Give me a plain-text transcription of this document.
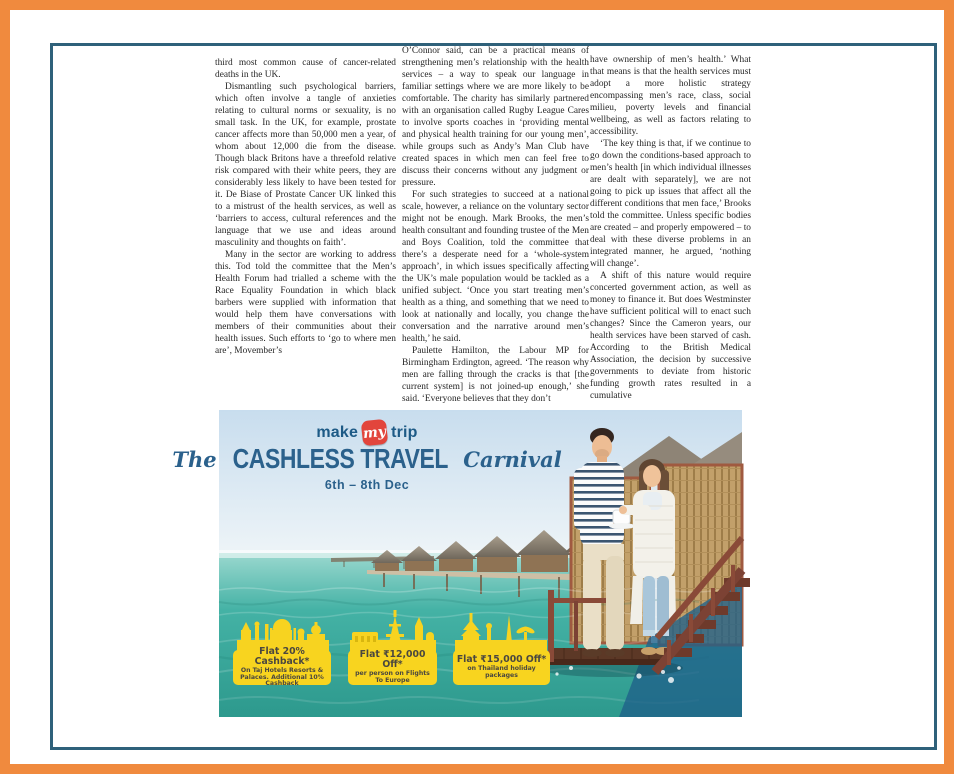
third most common cause of cancer-related deaths in the UK.

Dismantling such psychological barriers, which often involve a tangle of anxieties relating to cultural norms or sexuality, is no small task. In the UK, for example, prostate cancer affects more than 50,000 men a year, of whom about 12,000 die from the disease. Though black Britons have a threefold relative risk compared with their white peers, they are considerably less likely to have been tested for it. De Biase of Prostate Cancer UK linked this to a mistrust of the health services, as well as ‘barriers to access, cultural references and the language that we use and ideas around masculinity and thoughts on faith’.

Many in the sector are working to address this. Tod told the committee that the Men’s Health Forum had trialled a scheme with the Race Equality Foundation in which black barbers were supplied with information that would help them have conversations with members of their communities about their health issues. Such efforts to ‘go to where men are’, Movember’s

O’Connor said, can be a practical means of strengthening men’s relationship with the health services – a way to speak our language in familiar settings where we are more likely to be comfortable. The charity has similarly partnered with an organisation called Rugby League Cares to involve sports coaches in ‘providing mental and physical health training for our young men’, while groups such as Andy’s Man Club have created spaces in which men can feel free to discuss their concerns without any judgment or pressure.

For such strategies to succeed at a national scale, however, a reliance on the voluntary sector might not be enough. Mark Brooks, the men’s health consultant and founding trustee of the Men and Boys Coalition, told the committee that there’s a desperate need for a ‘whole-system approach’, in which issues specifically affecting the UK’s male population would be tackled as a unified subject. ‘Once you start treating men’s health as a thing, and something that we need to look at nationally and locally, you change the conversation and the narrative around men’s health,’ he said.

Paulette Hamilton, the Labour MP for Birmingham Erdington, agreed. ‘The reason why men are falling through the cracks is that [the current system] is not joined-up enough,’ she said. ‘Everyone believes that they don’t

have ownership of men’s health.’ What that means is that the health services must adopt a more holistic strategy encompassing men’s race, class, social milieu, poverty levels and financial wellbeing, as well as factors relating to accessibility.

‘The key thing is that, if we continue to go down the conditions-based approach to men’s health [in which individual illnesses are dealt with separately], we are not going to pick up issues that affect all the different conditions that men face,’ Brooks told the committee. Unless specific bodies are created – and properly empowered – to deal with these diverse problems in an integrated manner, he argued, ‘nothing will change’.

A shift of this nature would require concerted government action, as well as money to finance it. But does Westminster have sufficient political will to enact such changes? Since the Cameron years, our health services have been starved of cash. According to the British Medical Association, the decision by successive governments to deviate from historic funding growth rates resulted in a cumulative

make my trip
The CASHLESS TRAVEL Carnival
6th – 8th Dec
Flat 20% Cashback*
On Taj Hotels Resorts & Palaces. Additional 10% Cashback
Flat ₹12,000 Off*
per person on Flights To Europe
Flat ₹15,000 Off*
on Thailand holiday packages
